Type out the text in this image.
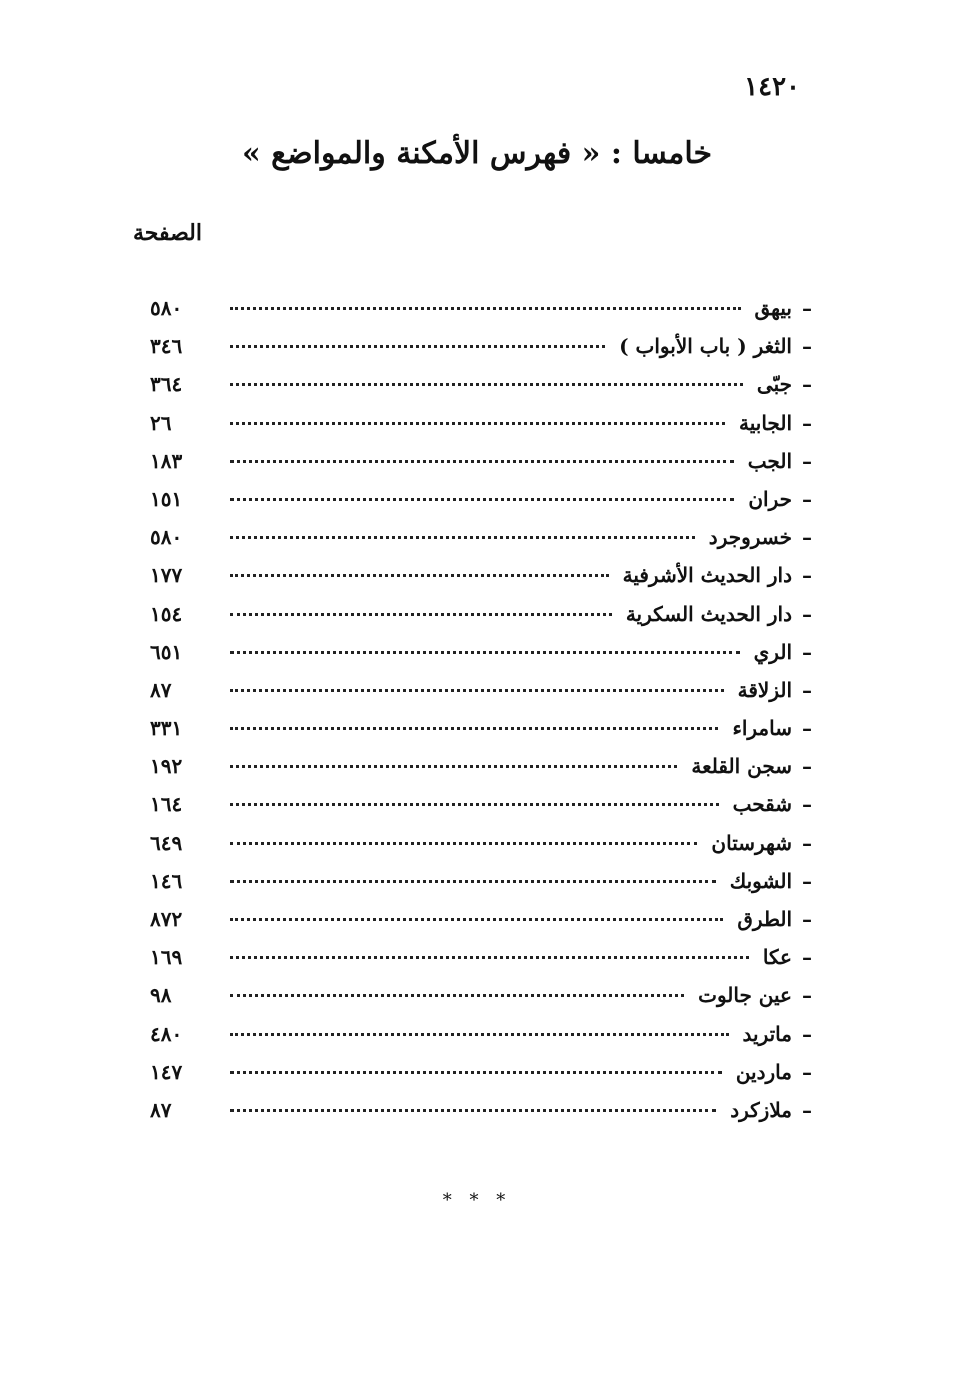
١٤٢٠
خامسا : « فهرس الأمكنة والمواضع »
الصفحة
–
بيهق
٥٨٠
–
الثغر ( باب الأبواب )
٣٤٦
–
جبّى
٣٦٤
–
الجابية
٢٦
–
الجب
١٨٣
–
حران
١٥١
–
خسروجرد
٥٨٠
–
دار الحديث الأشرفية
١٧٧
–
دار الحديث السكرية
١٥٤
–
الري
٦٥١
–
الزلاقة
٨٧
–
سامراء
٣٣١
–
سجن القلعة
١٩٢
–
شقحب
١٦٤
–
شهرستان
٦٤٩
–
الشوبك
١٤٦
–
الطرق
٨٧٢
–
عكا
١٦٩
–
عين جالوت
٩٨
–
ماتريد
٤٨٠
–
ماردين
١٤٧
–
ملازكرد
٨٧
* * *
